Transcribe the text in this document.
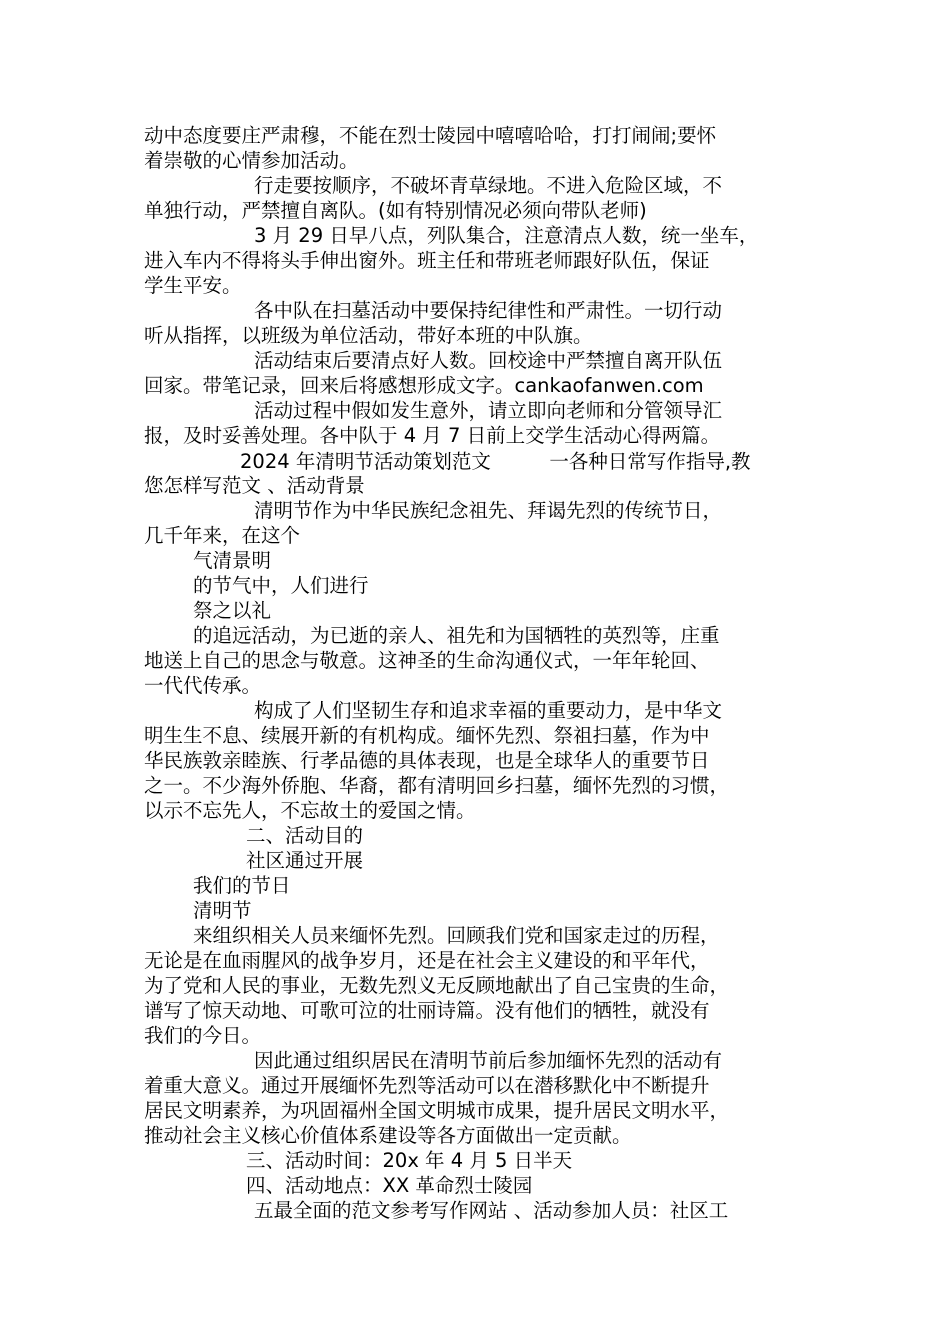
动中态度要庄严肃穆，不能在烈士陵园中嘻嘻哈哈，打打闹闹;要怀
着崇敬的心情参加活动。
行走要按顺序，不破坏青草绿地。不进入危险区域，不
单独行动，严禁擅自离队。(如有特别情况必须向带队老师)
3 月 29 日早八点，列队集合，注意清点人数，统一坐车，
进入车内不得将头手伸出窗外。班主任和带班老师跟好队伍，保证
学生平安。
各中队在扫墓活动中要保持纪律性和严肃性。一切行动
听从指挥，以班级为单位活动，带好本班的中队旗。
活动结束后要清点好人数。回校途中严禁擅自离开队伍
回家。带笔记录，回来后将感想形成文字。cankaofanwen.com
活动过程中假如发生意外，请立即向老师和分管领导汇
报，及时妥善处理。各中队于 4 月 7 日前上交学生活动心得两篇。
2024 年清明节活动策划范文　　　一各种日常写作指导,教
您怎样写范文 、活动背景
清明节作为中华民族纪念祖先、拜谒先烈的传统节日，
几千年来，在这个
气清景明
的节气中，人们进行
祭之以礼
的追远活动，为已逝的亲人、祖先和为国牺牲的英烈等，庄重
地送上自己的思念与敬意。这神圣的生命沟通仪式，一年年轮回、
一代代传承。
构成了人们坚韧生存和追求幸福的重要动力，是中华文
明生生不息、续展开新的有机构成。缅怀先烈、祭祖扫墓，作为中
华民族敦亲睦族、行孝品德的具体表现，也是全球华人的重要节日
之一。不少海外侨胞、华裔，都有清明回乡扫墓，缅怀先烈的习惯，
以示不忘先人，不忘故土的爱国之情。
二、活动目的
社区通过开展
我们的节日
清明节
来组织相关人员来缅怀先烈。回顾我们党和国家走过的历程，
无论是在血雨腥风的战争岁月，还是在社会主义建设的和平年代，
为了党和人民的事业，无数先烈义无反顾地献出了自己宝贵的生命，
谱写了惊天动地、可歌可泣的壮丽诗篇。没有他们的牺牲，就没有
我们的今日。
因此通过组织居民在清明节前后参加缅怀先烈的活动有
着重大意义。通过开展缅怀先烈等活动可以在潜移默化中不断提升
居民文明素养，为巩固福州全国文明城市成果，提升居民文明水平，
推动社会主义核心价值体系建设等各方面做出一定贡献。
三、活动时间：20x 年 4 月 5 日半天
四、活动地点：XX 革命烈士陵园
五最全面的范文参考写作网站 、活动参加人员：社区工
